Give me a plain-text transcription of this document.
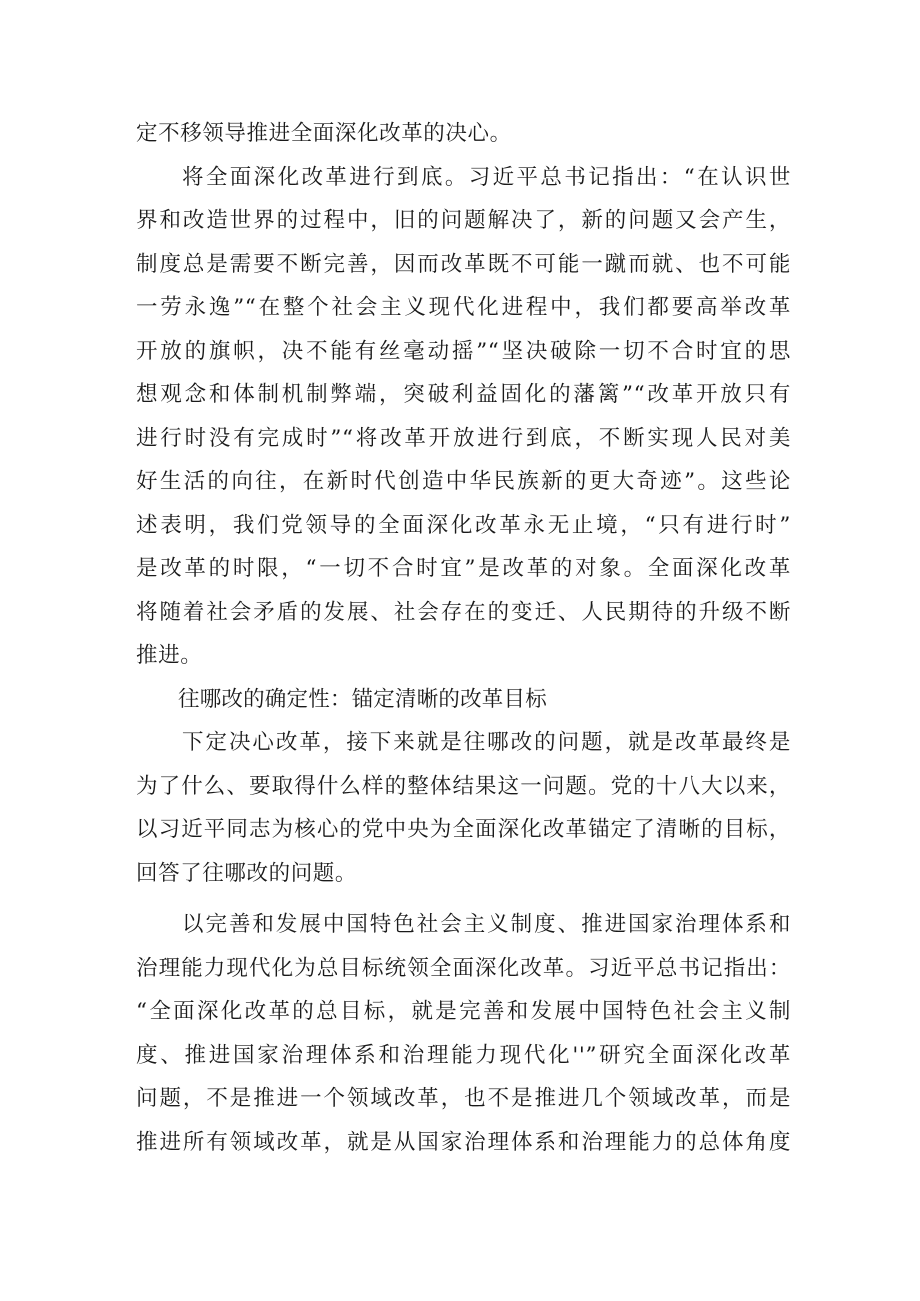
定不移领导推进全面深化改革的决心。
将全面深化改革进行到底。习近平总书记指出：“在认识世
界和改造世界的过程中，旧的问题解决了，新的问题又会产生，
制度总是需要不断完善，因而改革既不可能一蹴而就、也不可能
一劳永逸”“在整个社会主义现代化进程中，我们都要高举改革
开放的旗帜，决不能有丝毫动摇”“坚决破除一切不合时宜的思
想观念和体制机制弊端，突破利益固化的藩篱”“改革开放只有
进行时没有完成时”“将改革开放进行到底，不断实现人民对美
好生活的向往，在新时代创造中华民族新的更大奇迹”。这些论
述表明，我们党领导的全面深化改革永无止境，“只有进行时”
是改革的时限，“一切不合时宜”是改革的对象。全面深化改革
将随着社会矛盾的发展、社会存在的变迁、人民期待的升级不断
推进。
往哪改的确定性：锚定清晰的改革目标
下定决心改革，接下来就是往哪改的问题，就是改革最终是
为了什么、要取得什么样的整体结果这一问题。党的十八大以来，
以习近平同志为核心的党中央为全面深化改革锚定了清晰的目标，
回答了往哪改的问题。
以完善和发展中国特色社会主义制度、推进国家治理体系和
治理能力现代化为总目标统领全面深化改革。习近平总书记指出：
“全面深化改革的总目标，就是完善和发展中国特色社会主义制
度、推进国家治理体系和治理能力现代化''”研究全面深化改革
问题，不是推进一个领域改革，也不是推进几个领域改革，而是
推进所有领域改革，就是从国家治理体系和治理能力的总体角度
